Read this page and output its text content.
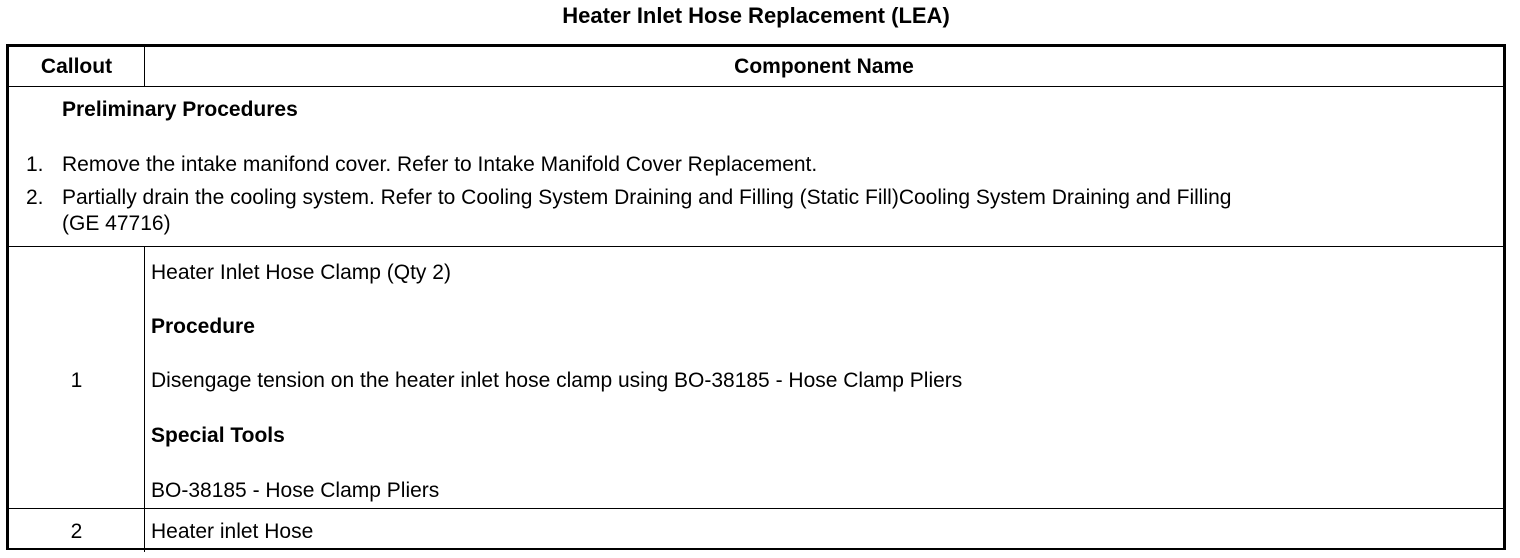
Heater Inlet Hose Replacement (LEA)
Callout	Component Name
Preliminary Procedures
1. Remove the intake manifond cover. Refer to Intake Manifold Cover Replacement.
2. Partially drain the cooling system. Refer to Cooling System Draining and Filling (Static Fill)Cooling System Draining and Filling
(GE 47716)
1
Heater Inlet Hose Clamp (Qty 2)
Procedure
Disengage tension on the heater inlet hose clamp using BO-38185 - Hose Clamp Pliers
Special Tools
BO-38185 - Hose Clamp Pliers
2	Heater inlet Hose
